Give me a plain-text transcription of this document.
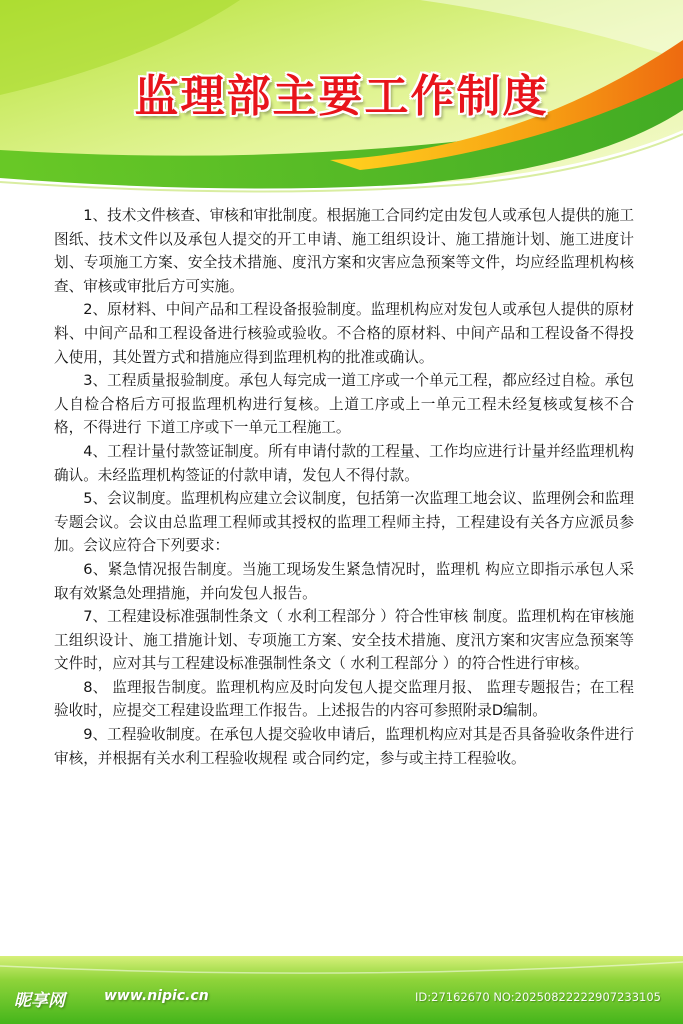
监理部主要工作制度

1、技术文件核查、审核和审批制度。根据施工合同约定由发包人或承包人提供的施工图纸、技术文件以及承包人提交的开工申请、施工组织设计、施工措施计划、施工进度计划、专项施工方案、安全技术措施、度汛方案和灾害应急预案等文件，均应经监理机构核查、审核或审批后方可实施。

2、原材料、中间产品和工程设备报验制度。监理机构应对发包人或承包人提供的原材料、中间产品和工程设备进行核验或验收。不合格的原材料、中间产品和工程设备不得投入使用，其处置方式和措施应得到监理机构的批准或确认。

3、工程质量报验制度。承包人每完成一道工序或一个单元工程，都应经过自检。承包人自检合格后方可报监理机构进行复核。上道工序或上一单元工程未经复核或复核不合格，不得进行 下道工序或下一单元工程施工。

4、工程计量付款签证制度。所有申请付款的工程量、工作均应进行计量并经监理机构确认。未经监理机构签证的付款申请，发包人不得付款。

5、会议制度。监理机构应建立会议制度，包括第一次监理工地会议、监理例会和监理专题会议。会议由总监理工程师或其授权的监理工程师主持，工程建设有关各方应派员参加。会议应符合下列要求：

6、紧急情况报告制度。当施工现场发生紧急情况时，监理机 构应立即指示承包人采取有效紧急处理措施，并向发包人报告。

7、工程建设标准强制性条文（ 水利工程部分 ）符合性审核 制度。监理机构在审核施工组织设计、施工措施计划、专项施工方案、安全技术措施、度汛方案和灾害应急预案等文件时，应对其与工程建设标准强制性条文（ 水利工程部分 ）的符合性进行审核。

8、 监理报告制度。监理机构应及时向发包人提交监理月报、 监理专题报告；在工程验收时，应提交工程建设监理工作报告。上述报告的内容可参照附录D编制。

9、工程验收制度。在承包人提交验收申请后，监理机构应对其是否具备验收条件进行审核，并根据有关水利工程验收规程 或合同约定，参与或主持工程验收。

昵享网	www.nipic.cn	ID:27162670 NO:20250822222907233105
